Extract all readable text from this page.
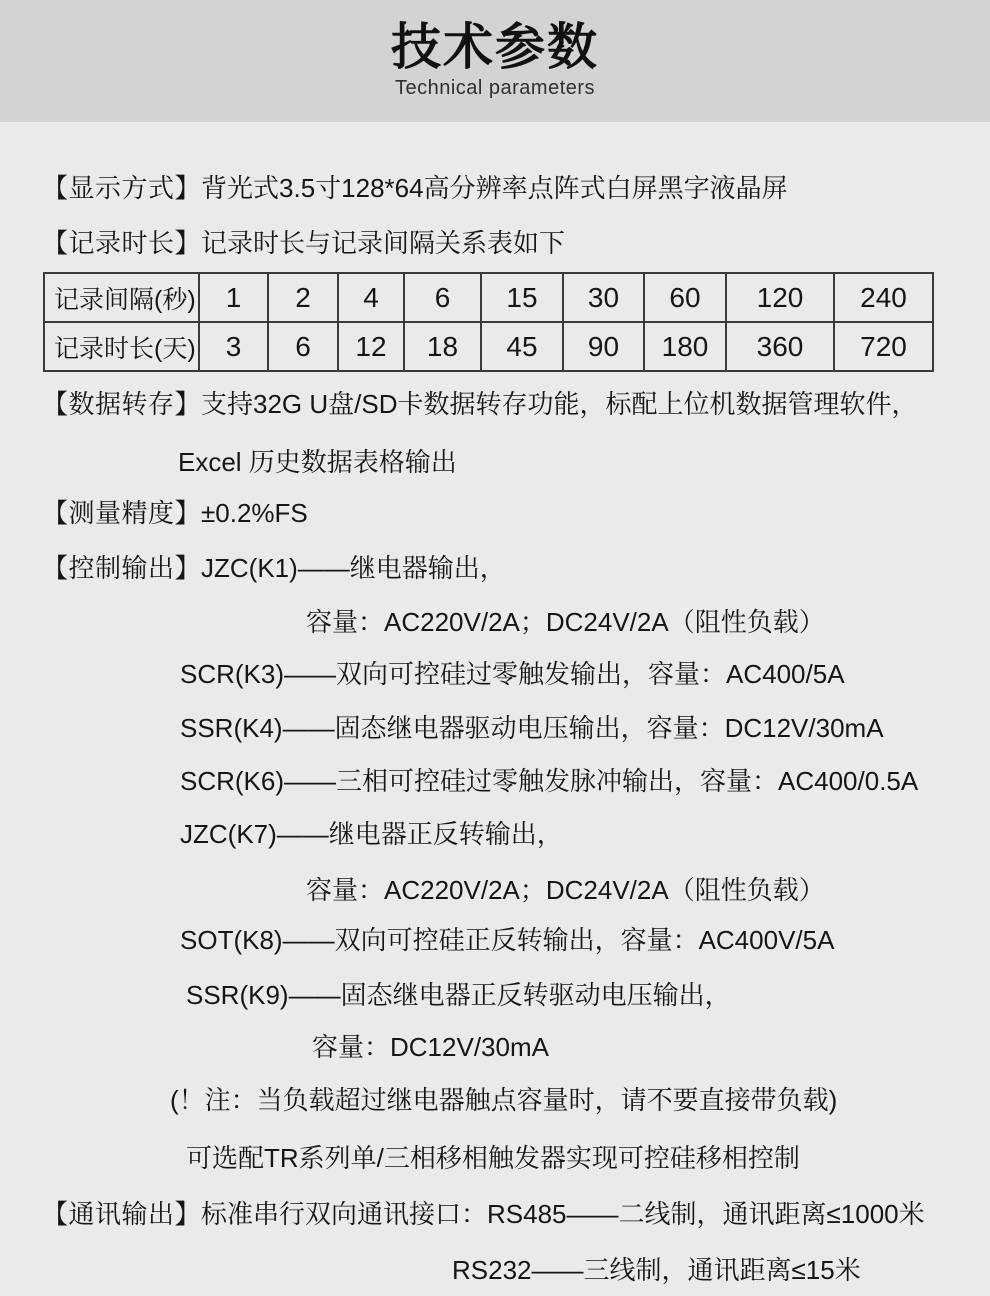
技术参数
Technical parameters
【显示方式】背光式3.5寸128*64高分辨率点阵式白屏黑字液晶屏
【记录时长】记录时长与记录间隔关系表如下
记录间隔(秒)	1	2	4	6	15	30	60	120	240
记录时长(天)	3	6	12	18	45	90	180	360	720
【数据转存】支持32G U盘/SD卡数据转存功能，标配上位机数据管理软件，
Excel 历史数据表格输出
【测量精度】±0.2%FS
【控制输出】JZC(K1)——继电器输出，
容量：AC220V/2A；DC24V/2A（阻性负载）
SCR(K3)——双向可控硅过零触发输出，容量：AC400/5A
SSR(K4)——固态继电器驱动电压输出，容量：DC12V/30mA
SCR(K6)——三相可控硅过零触发脉冲输出，容量：AC400/0.5A
JZC(K7)——继电器正反转输出，
容量：AC220V/2A；DC24V/2A（阻性负载）
SOT(K8)——双向可控硅正反转输出，容量：AC400V/5A
SSR(K9)——固态继电器正反转驱动电压输出，
容量：DC12V/30mA
(！注：当负载超过继电器触点容量时，请不要直接带负载)
可选配TR系列单/三相移相触发器实现可控硅移相控制
【通讯输出】标准串行双向通讯接口：RS485——二线制，通讯距离≤1000米
RS232——三线制，通讯距离≤15米
